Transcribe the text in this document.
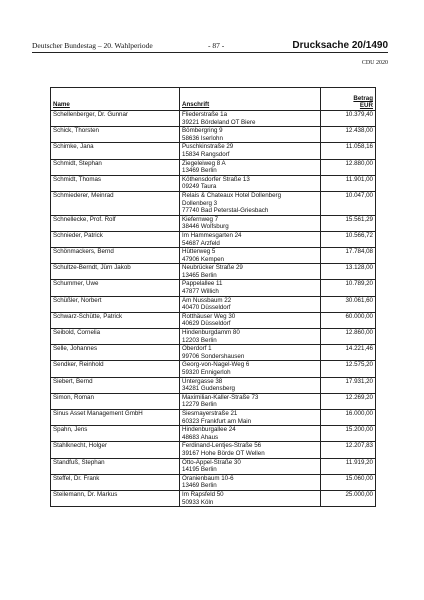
Deutscher Bundestag – 20. Wahlperiode	- 87 -	Drucksache 20/1490
CDU 2020
Name	Anschrift	Betrag
EUR

Schellenberger, Dr. Gunnar	Fliederstraße 1a
39221 Bördeland OT Biere	10.379,40
Schick, Thorsten	Bömbergring 9
58636 Iserlohn	12.438,00
Schimke, Jana	Puschkinstraße 29
15834 Rangsdorf	11.058,16
Schmidt, Stephan	Ziegeleiweg 8 A
13469 Berlin	12.880,00
Schmidt, Thomas	Köthensdorfer Straße 13
09249 Taura	11.901,00
Schmiederer, Meinrad	Relais & Chateaux Hotel Dollenberg
Dollenberg 3
77740 Bad Peterstal-Griesbach	10.047,00
Schnellecke, Prof. Rolf	Kiefernweg 7
38446 Wolfsburg	15.561,29
Schnieder, Patrick	Im Hammesgarten 24
54687 Arzfeld	10.566,72
Schönmackers, Bernd	Hütterweg 5
47906 Kempen	17.784,08
Schultze-Berndt, Jürn Jakob	Neubrücker Straße 29
13465 Berlin	13.128,00
Schummer, Uwe	Pappelallee 11
47877 Willich	10.789,20
Schüßler, Norbert	Am Nussbaum 22
40470 Düsseldorf	30.061,60
Schwarz-Schütte, Patrick	Rotthäuser Weg 30
40629 Düsseldorf	60.000,00
Seibold, Cornelia	Hindenburgdamm 80
12203 Berlin	12.860,00
Selle, Johannes	Oberdorf 1
99706 Sondershausen	14.221,46
Sendker, Reinhold	Georg-von-Nagel-Weg 6
59320 Ennigerloh	12.575,20
Siebert, Bernd	Untergasse 38
34281 Gudensberg	17.931,20
Simon, Roman	Maximilian-Kaller-Straße 73
12279 Berlin	12.269,20
Sinus Asset Management GmbH	Siesmayerstraße 21
60323 Frankfurt am Main	16.000,00
Spahn, Jens	Hindenburgallee 24
48683 Ahaus	15.200,00
Stahlknecht, Holger	Ferdinand-Lentjes-Straße 56
39167 Hohe Börde OT Wellen	12.207,83
Standfuß, Stephan	Otto-Appel-Straße 30
14195 Berlin	11.919,20
Steffel, Dr. Frank	Oranienbaum 10-6
13469 Berlin	15.060,00
Steilemann, Dr. Markus	Im Rapsfeld 50
50933 Köln	25.000,00
